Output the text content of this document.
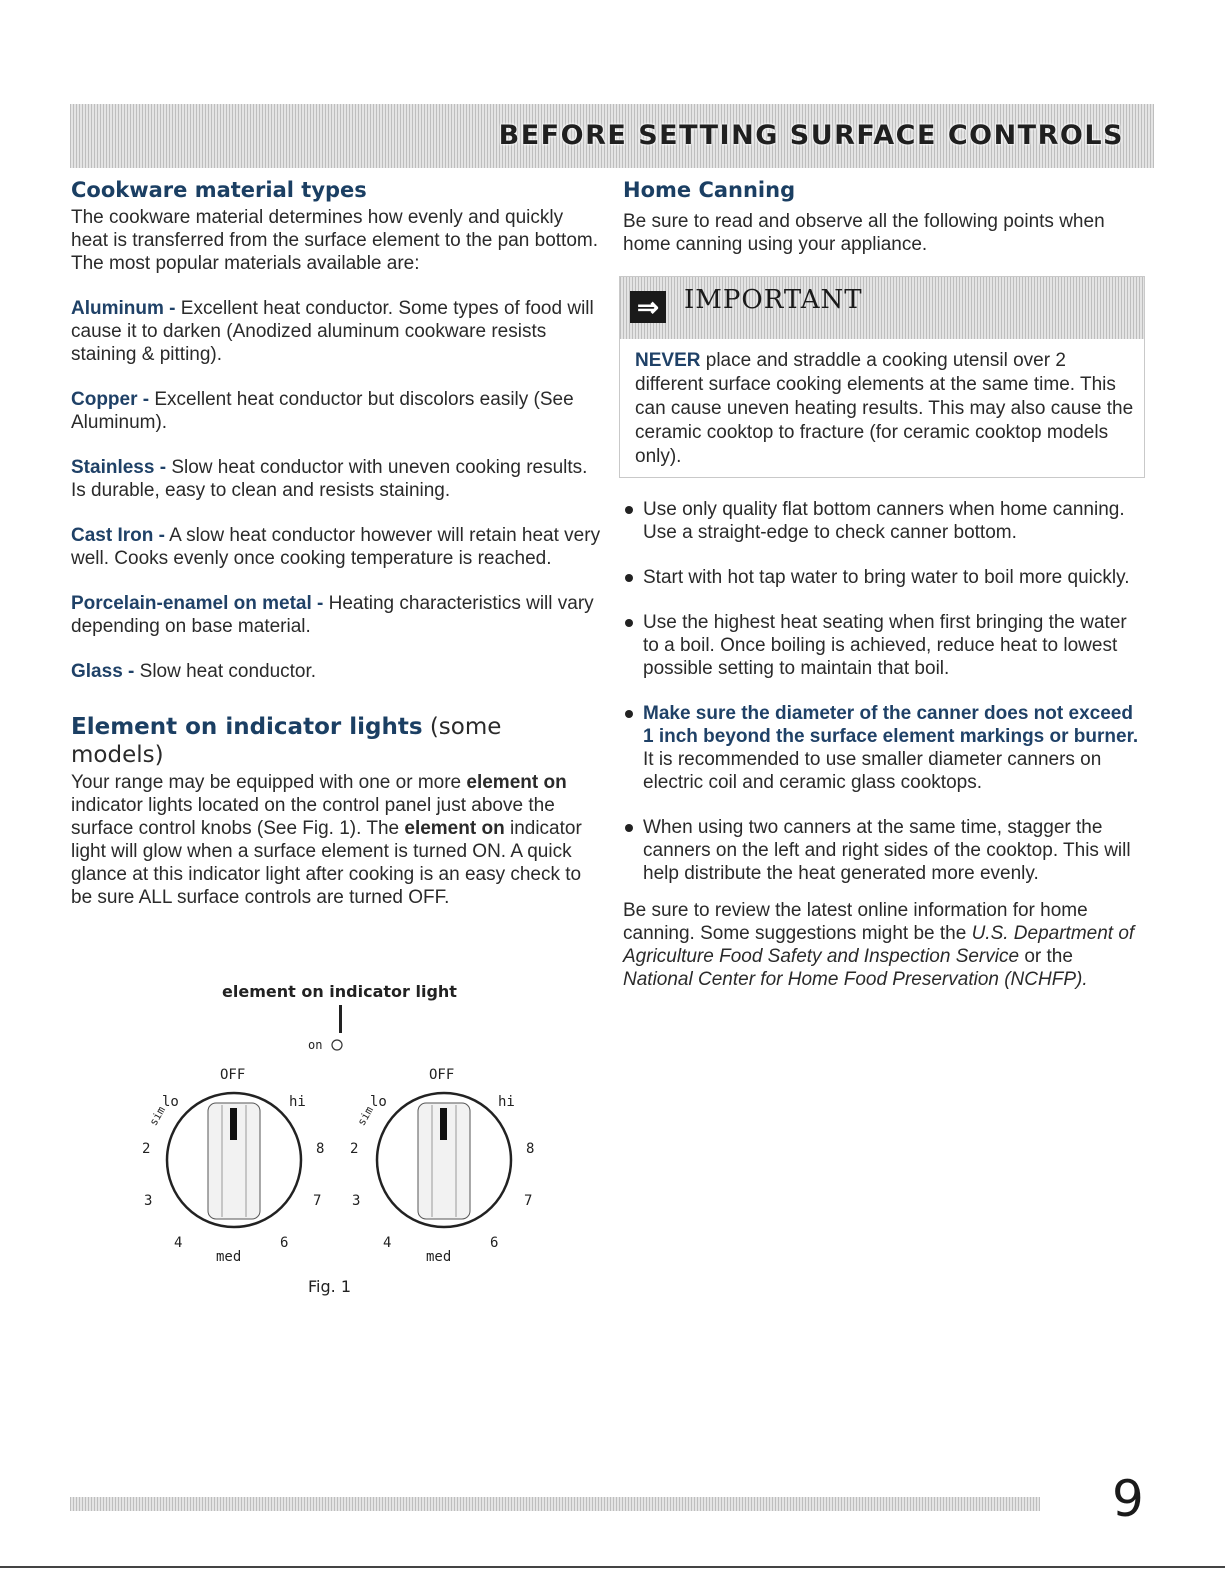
BEFORE SETTING SURFACE CONTROLS
Cookware material types

The cookware material determines how evenly and quickly heat is transferred from the surface element to the pan bottom. The most popular materials available are:

Aluminum - Excellent heat conductor. Some types of food will cause it to darken (Anodized aluminum cookware resists staining & pitting).

Copper - Excellent heat conductor but discolors easily (See Aluminum).

Stainless - Slow heat conductor with uneven cooking results. Is durable, easy to clean and resists staining.

Cast Iron - A slow heat conductor however will retain heat very well. Cooks evenly once cooking temperature is reached.

Porcelain-enamel on metal - Heating characteristics will vary depending on base material.

Glass - Slow heat conductor.

Element on indicator lights (some models)

Your range may be equipped with one or more element on indicator lights located on the control panel just above the surface control knobs (See Fig. 1). The element on indicator light will glow when a surface element is turned ON. A quick glance at this indicator light after cooking is an easy check to be sure ALL surface controls are turned OFF.

element on indicator light
on
OFF
lo	hi
sim
2
3
4
med
6
7
8
OFF
lo	hi
sim
2
3
4
med
6
7
8
Fig. 1
Home Canning

Be sure to read and observe all the following points when home canning using your appliance.

⇒ IMPORTANT
NEVER place and straddle a cooking utensil over 2 different surface cooking elements at the same time. This can cause uneven heating results. This may also cause the ceramic cooktop to fracture (for ceramic cooktop models only).
Use only quality flat bottom canners when home canning. Use a straight-edge to check canner bottom.
Start with hot tap water to bring water to boil more quickly.
Use the highest heat seating when first bringing the water to a boil. Once boiling is achieved, reduce heat to lowest possible setting to maintain that boil.
Make sure the diameter of the canner does not exceed 1 inch beyond the surface element markings or burner. It is recommended to use smaller diameter canners on electric coil and ceramic glass cooktops.
When using two canners at the same time, stagger the canners on the left and right sides of the cooktop. This will help distribute the heat generated more evenly.

Be sure to review the latest online information for home canning. Some suggestions might be the U.S. Department of Agriculture Food Safety and Inspection Service or the National Center for Home Food Preservation (NCHFP).

9
